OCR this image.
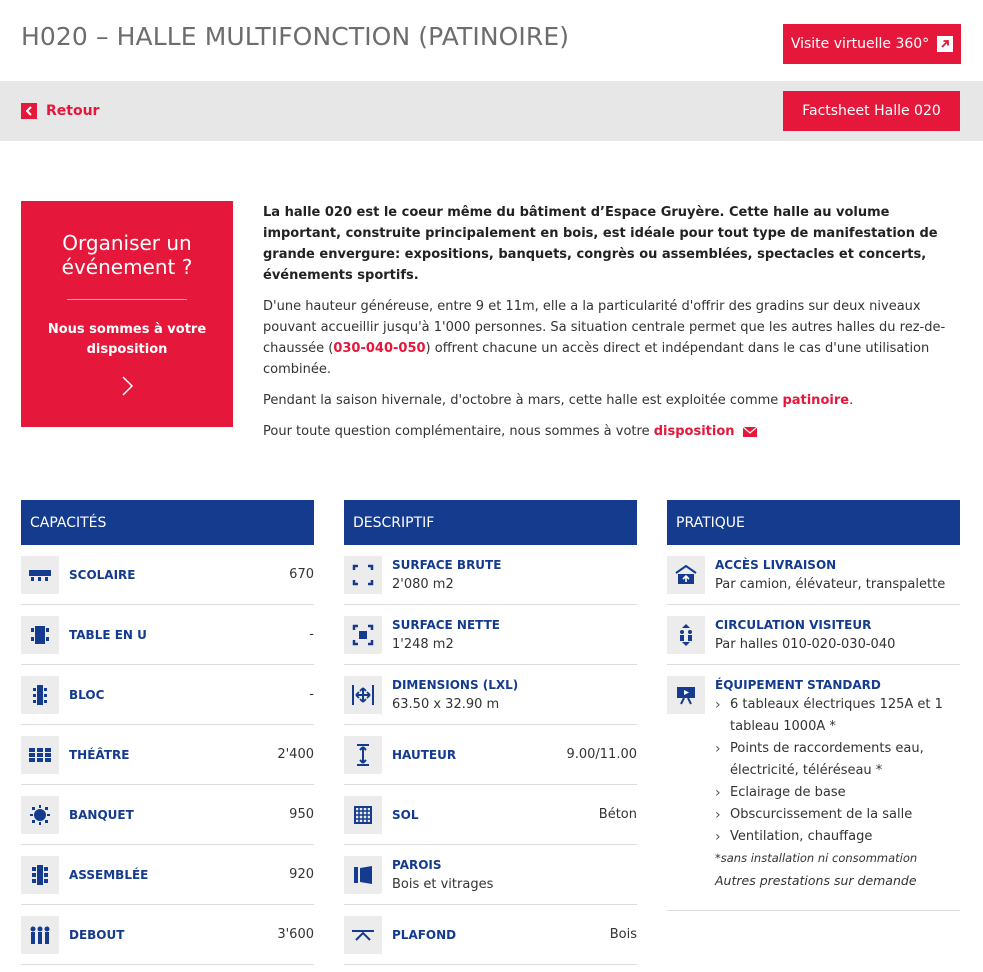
H020 – HALLE MULTIFONCTION (PATINOIRE)	Visite virtuelle 360°
Retour	Factsheet Halle 020
Organiser un événement ?
Nous sommes à votre disposition

La halle 020 est le coeur même du bâtiment d’Espace Gruyère. Cette halle au volume important, construite principalement en bois, est idéale pour tout type de manifestation de grande envergure: expositions, banquets, congrès ou assemblées, spectacles et concerts, événements sportifs.

D'une hauteur généreuse, entre 9 et 11m, elle a la particularité d'offrir des gradins sur deux niveaux pouvant accueillir jusqu'à 1'000 personnes. Sa situation centrale permet que les autres halles du rez-de-chaussée (030-040-050) offrent chacune un accès direct et indépendant dans le cas d'une utilisation combinée.

Pendant la saison hivernale, d'octobre à mars, cette halle est exploitée comme patinoire.

Pour toute question complémentaire, nous sommes à votre disposition

CAPACITÉS
SCOLAIRE	670
TABLE EN U	-
BLOC	-
THÉÂTRE	2'400
BANQUET	950
ASSEMBLÉE	920
DEBOUT	3'600
DESCRIPTIF
SURFACE BRUTE
2'080 m2
SURFACE NETTE
1'248 m2
DIMENSIONS (LXL)
63.50 x 32.90 m
HAUTEUR	9.00/11.00
SOL	Béton
PAROIS
Bois et vitrages
PLAFOND	Bois
PRATIQUE
ACCÈS LIVRAISON
Par camion, élévateur, transpalette
CIRCULATION VISITEUR
Par halles 010-020-030-040
ÉQUIPEMENT STANDARD
› 6 tableaux électriques 125A et 1 tableau 1000A *
› Points de raccordements eau, électricité, téléréseau *
› Eclairage de base
› Obscurcissement de la salle
› Ventilation, chauffage
*sans installation ni consommation
Autres prestations sur demande
